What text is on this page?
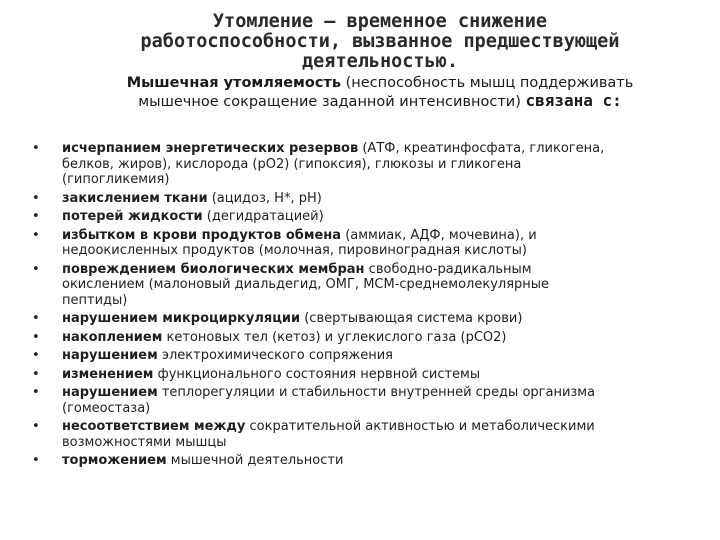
Утомление – временное снижение
работоспособности, вызванное предшествующей
деятельностью.
Мышечная утомляемость (неспособность мышц поддерживать
мышечное сокращение заданной интенсивности) связана с:
• исчерпанием энергетических резервов (АТФ, креатинфосфата, гликогена,
белков, жиров), кислорода (рО2) (гипоксия), глюкозы и гликогена
(гипогликемия)
• закислением ткани (ацидоз, Н*, рН)
• потерей жидкости (дегидратацией)
• избытком в крови продуктов обмена (аммиак, АДФ, мочевина), и
недоокисленных продуктов (молочная, пировиноградная кислоты)
• повреждением биологических мембран свободно-радикальным
окислением (малоновый диальдегид, ОМГ, МСМ-среднемолекулярные
пептиды)
• нарушением микроциркуляции (свертывающая система крови)
• накоплением кетоновых тел (кетоз) и углекислого газа (рСО2)
• нарушением электрохимического сопряжения
• изменением функционального состояния нервной системы
• нарушением теплорегуляции и стабильности внутренней среды организма
(гомеостаза)
• несоответствием между сократительной активностью и метаболическими
возможностями мышцы
• торможением мышечной деятельности
